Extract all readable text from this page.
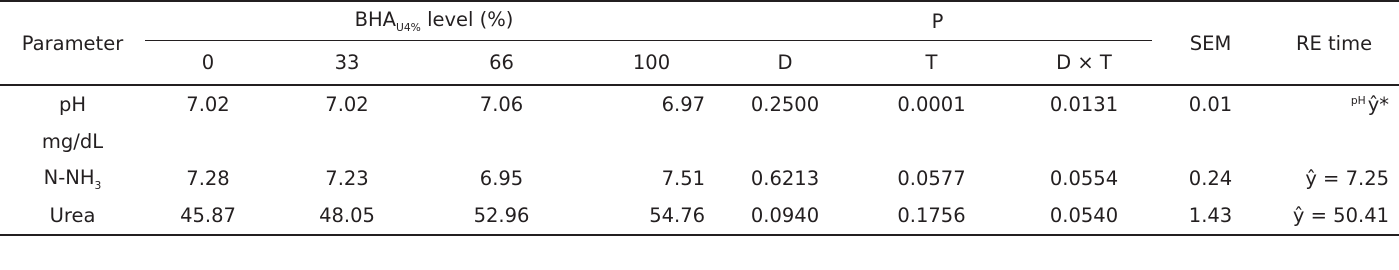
Parameter	$BHA_{U4\%}$ level (%)				P			SEM	RE time
	0	33	66	100	D	T	D × T		
pH	7.02	7.02	7.06	6.97	0.2500	0.0001	0.0131	0.01	$^{pH}$ ŷ*
mg/dL									
$N-NH_3$	7.28	7.23	6.95	7.51	0.6213	0.0577	0.0554	0.24	ŷ = 7.25
Urea	45.87	48.05	52.96	54.76	0.0940	0.1756	0.0540	1.43	ŷ = 50.41
